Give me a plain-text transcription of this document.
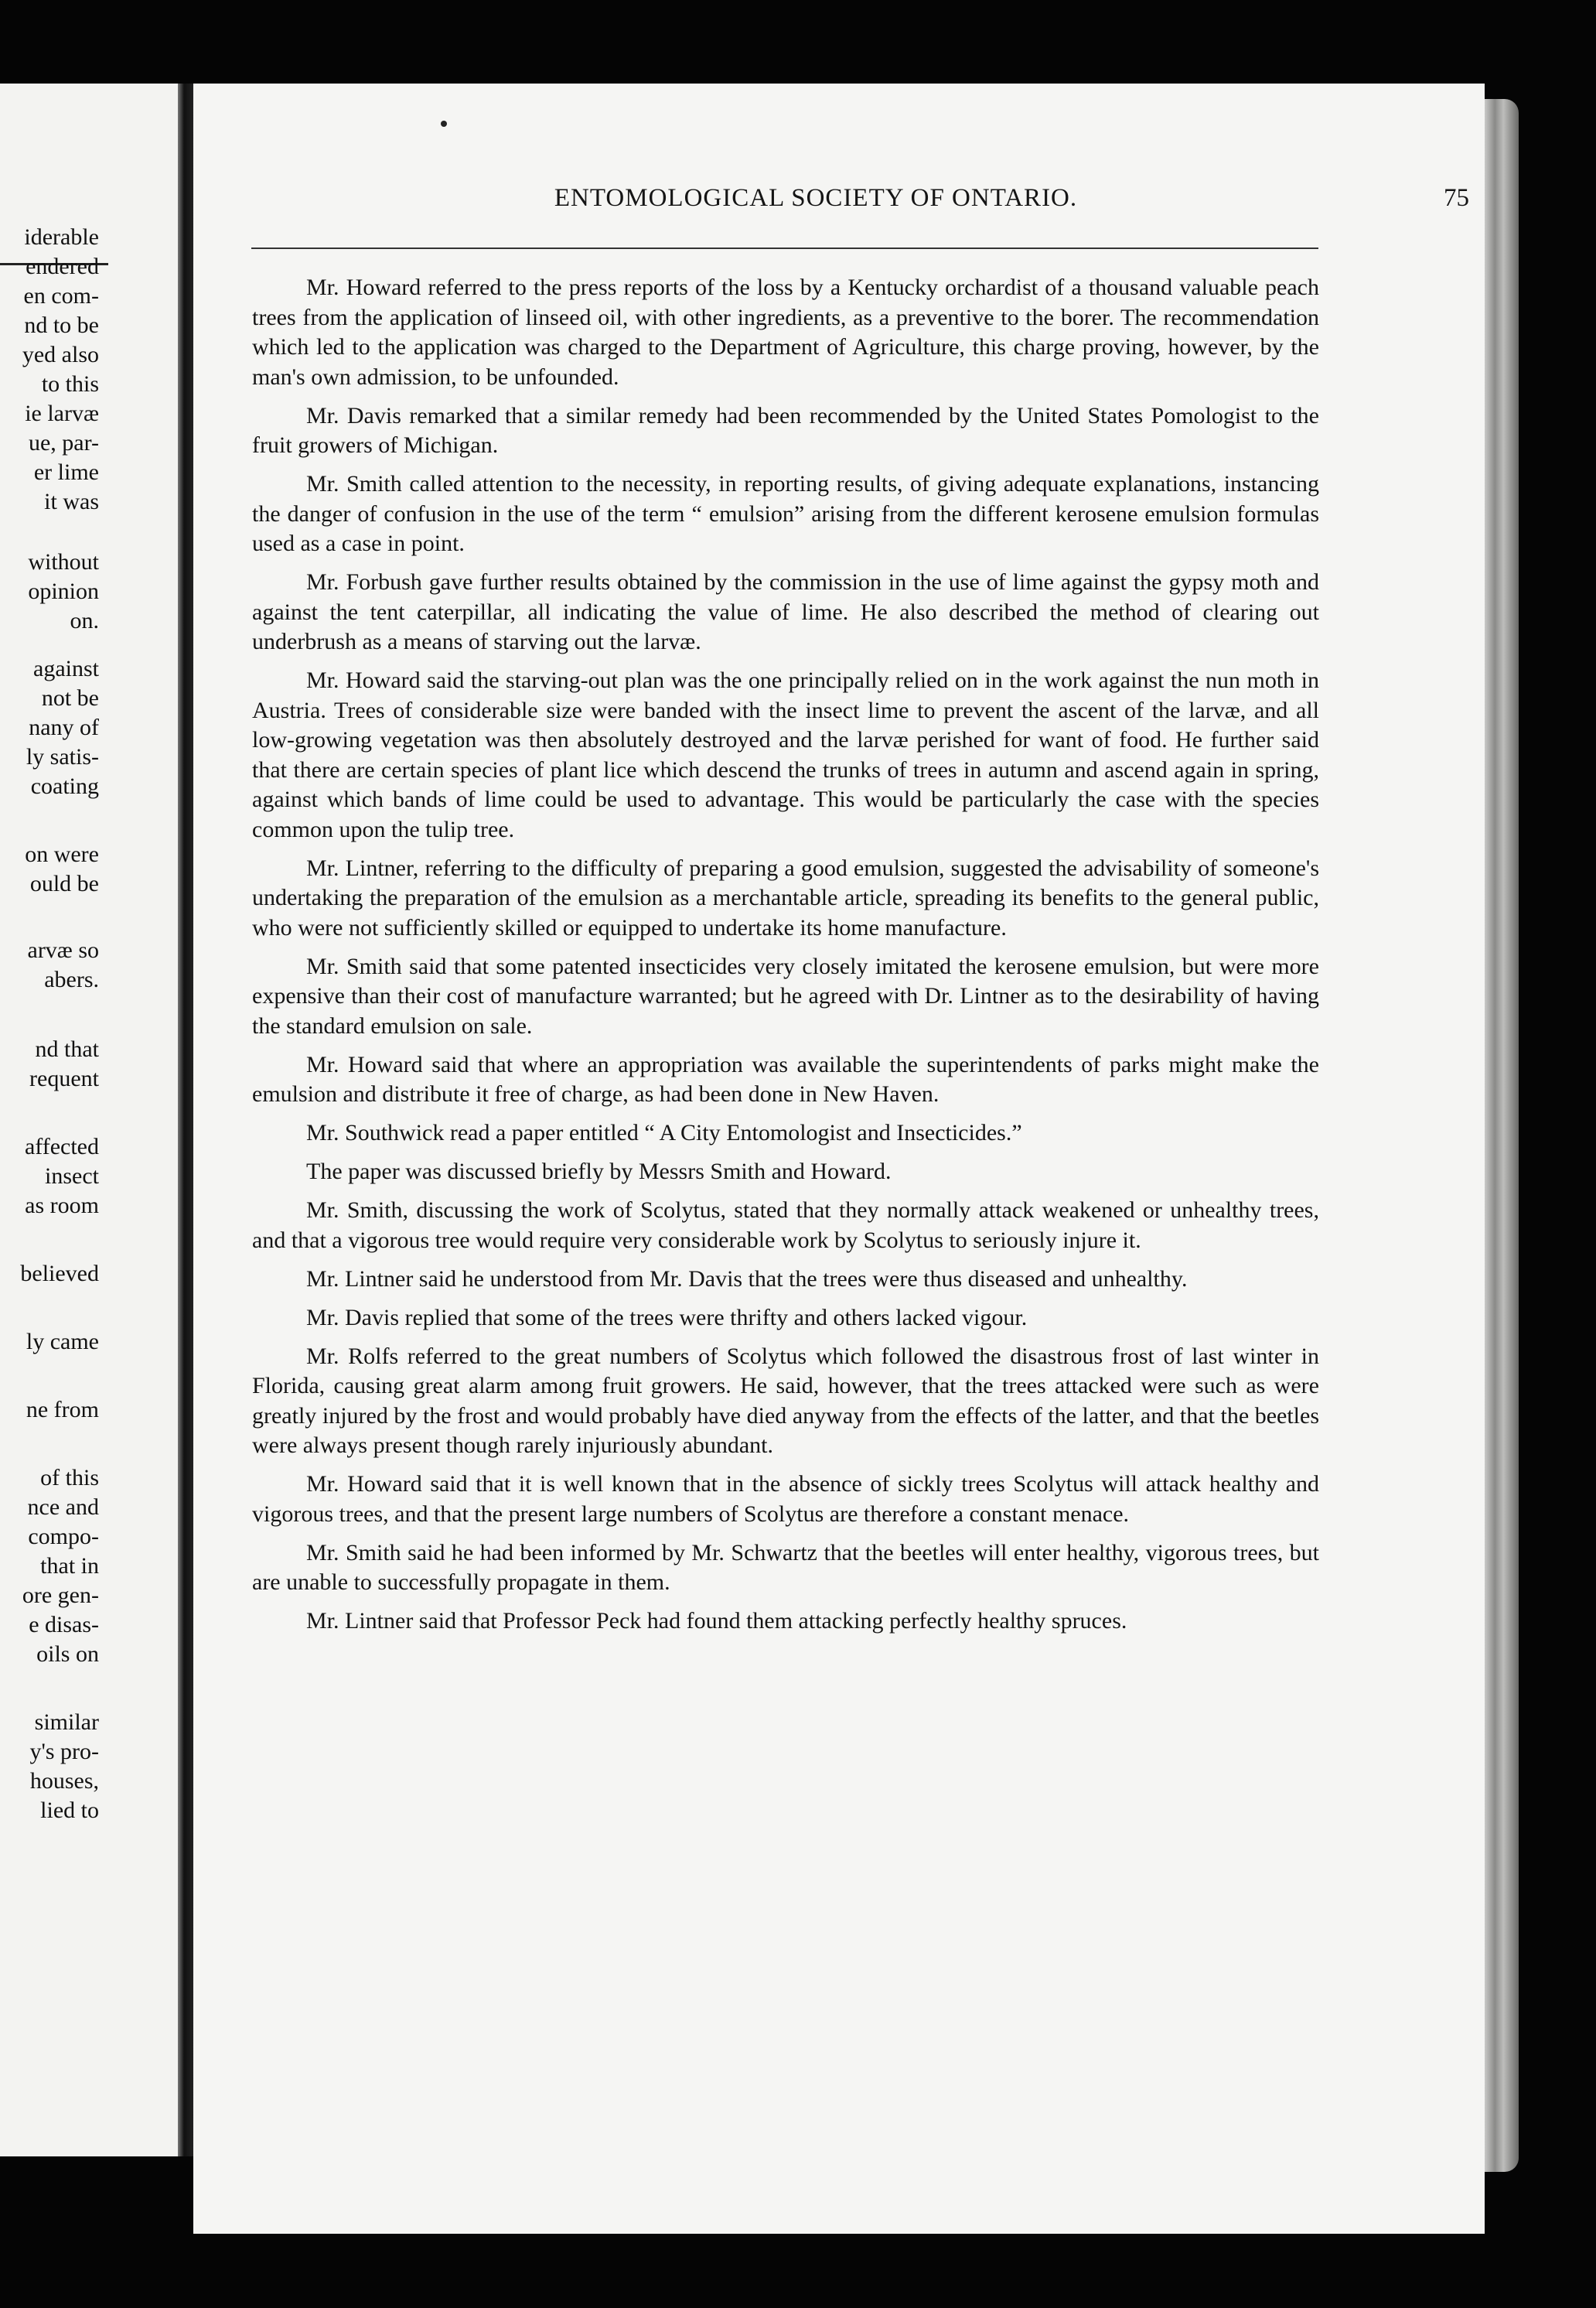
iderable
endered
en com-
nd to be
yed also
to this
ie larvæ
ue, par-
er lime
it was
without
opinion
on.
against
not be
nany of
ly satis-
coating
on were
ould be
arvæ so
abers.
nd that
requent
affected
insect
as room
believed
ly came
ne from
of this
nce and
compo-
that in
ore gen-
e disas-
oils on
similar
y's pro-
houses,
lied to
ENTOMOLOGICAL SOCIETY OF ONTARIO.	75

Mr. Howard referred to the press reports of the loss by a Kentucky orchardist of a thousand valuable peach trees from the application of linseed oil, with other ingredients, as a preventive to the borer. The recommendation which led to the application was charged to the Department of Agriculture, this charge proving, however, by the man's own admission, to be unfounded.

Mr. Davis remarked that a similar remedy had been recommended by the United States Pomologist to the fruit growers of Michigan.

Mr. Smith called attention to the necessity, in reporting results, of giving adequate explanations, instancing the danger of confusion in the use of the term “ emulsion” arising from the different kerosene emulsion formulas used as a case in point.

Mr. Forbush gave further results obtained by the commission in the use of lime against the gypsy moth and against the tent caterpillar, all indicating the value of lime. He also described the method of clearing out underbrush as a means of starving out the larvæ.

Mr. Howard said the starving-out plan was the one principally relied on in the work against the nun moth in Austria. Trees of considerable size were banded with the insect lime to prevent the ascent of the larvæ, and all low-growing vegetation was then absolutely destroyed and the larvæ perished for want of food. He further said that there are certain species of plant lice which descend the trunks of trees in autumn and ascend again in spring, against which bands of lime could be used to advantage. This would be particularly the case with the species common upon the tulip tree.

Mr. Lintner, referring to the difficulty of preparing a good emulsion, suggested the advisability of someone's undertaking the preparation of the emulsion as a merchantable article, spreading its benefits to the general public, who were not sufficiently skilled or equipped to undertake its home manufacture.

Mr. Smith said that some patented insecticides very closely imitated the kerosene emulsion, but were more expensive than their cost of manufacture warranted; but he agreed with Dr. Lintner as to the desirability of having the standard emulsion on sale.

Mr. Howard said that where an appropriation was available the superintendents of parks might make the emulsion and distribute it free of charge, as had been done in New Haven.

Mr. Southwick read a paper entitled “ A City Entomologist and Insecticides.”

The paper was discussed briefly by Messrs Smith and Howard.

Mr. Smith, discussing the work of Scolytus, stated that they normally attack weakened or unhealthy trees, and that a vigorous tree would require very considerable work by Scolytus to seriously injure it.

Mr. Lintner said he understood from Mr. Davis that the trees were thus diseased and unhealthy.

Mr. Davis replied that some of the trees were thrifty and others lacked vigour.

Mr. Rolfs referred to the great numbers of Scolytus which followed the disastrous frost of last winter in Florida, causing great alarm among fruit growers. He said, however, that the trees attacked were such as were greatly injured by the frost and would probably have died anyway from the effects of the latter, and that the beetles were always present though rarely injuriously abundant.

Mr. Howard said that it is well known that in the absence of sickly trees Scolytus will attack healthy and vigorous trees, and that the present large numbers of Scolytus are therefore a constant menace.

Mr. Smith said he had been informed by Mr. Schwartz that the beetles will enter healthy, vigorous trees, but are unable to successfully propagate in them.

Mr. Lintner said that Professor Peck had found them attacking perfectly healthy spruces.
